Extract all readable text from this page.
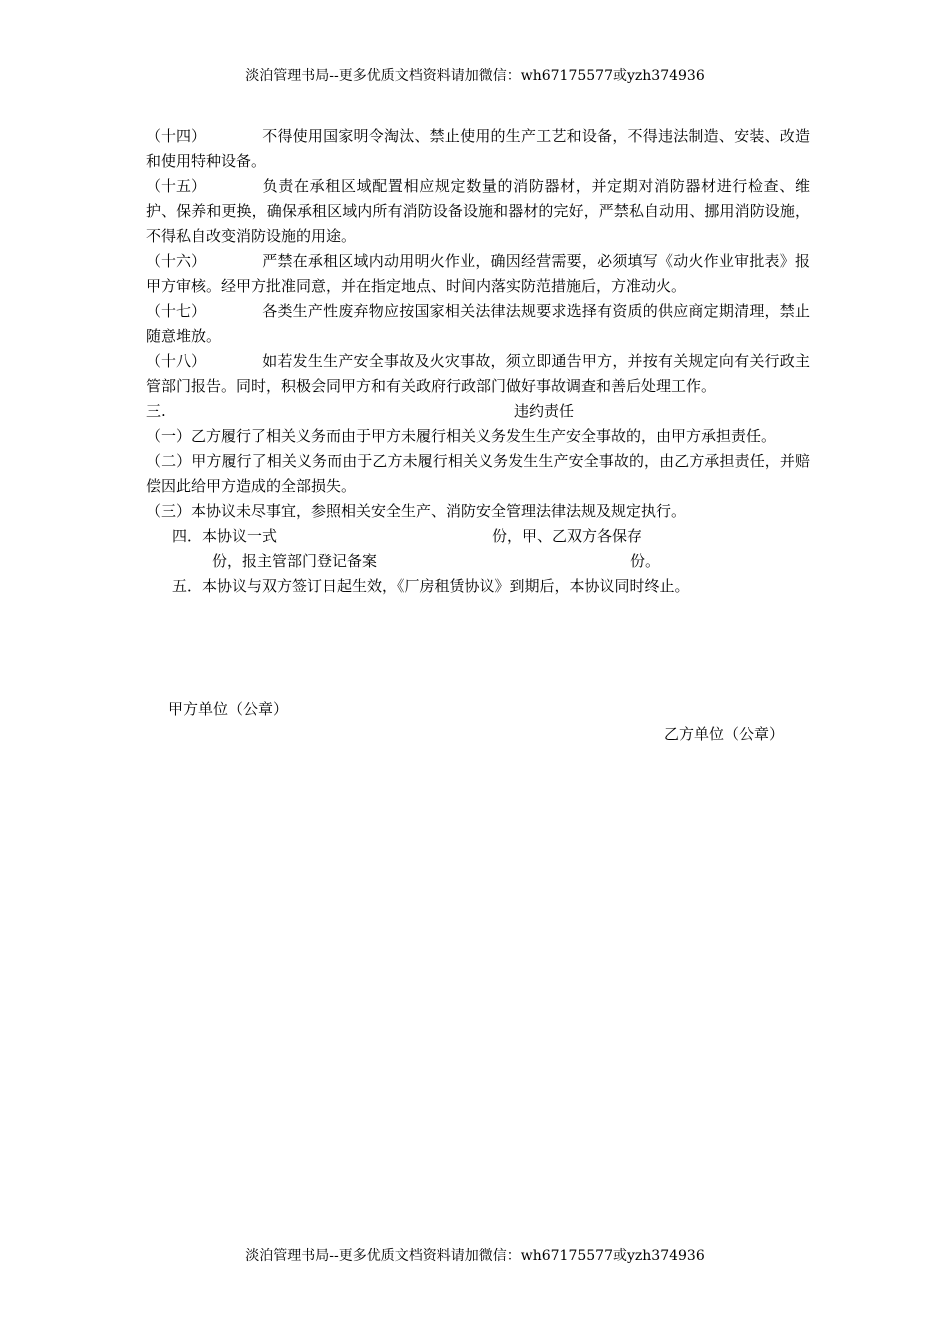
淡泊管理书局--更多优质文档资料请加微信：wh67175577或yzh374936

（十四）	不得使用国家明令淘汰、禁止使用的生产工艺和设备，不得违法制造、安装、改造和使用特种设备。

（十五）	负责在承租区域配置相应规定数量的消防器材，并定期对消防器材进行检查、维护、保养和更换，确保承租区域内所有消防设备设施和器材的完好，严禁私自动用、挪用消防设施，不得私自改变消防设施的用途。

（十六）	严禁在承租区域内动用明火作业，确因经营需要，必须填写《动火作业审批表》报甲方审核。经甲方批准同意，并在指定地点、时间内落实防范措施后，方准动火。

（十七）	各类生产性废弃物应按国家相关法律法规要求选择有资质的供应商定期清理，禁止随意堆放。

（十八）	如若发生生产安全事故及火灾事故，须立即通告甲方，并按有关规定向有关行政主管部门报告。同时，积极会同甲方和有关政府行政部门做好事故调查和善后处理工作。

三.	违约责任

（一）乙方履行了相关义务而由于甲方未履行相关义务发生生产安全事故的，由甲方承担责任。

（二）甲方履行了相关义务而由于乙方未履行相关义务发生生产安全事故的，由乙方承担责任，并赔偿因此给甲方造成的全部损失。

（三）本协议未尽事宜，参照相关安全生产、消防安全管理法律法规及规定执行。

四．本协议一式	份，甲、乙双方各保存
份，报主管部门登记备案	份。
五．本协议与双方签订日起生效，《厂房租赁协议》到期后，本协议同时终止。
甲方单位（公章）
乙方单位（公章）
淡泊管理书局--更多优质文档资料请加微信：wh67175577或yzh374936
